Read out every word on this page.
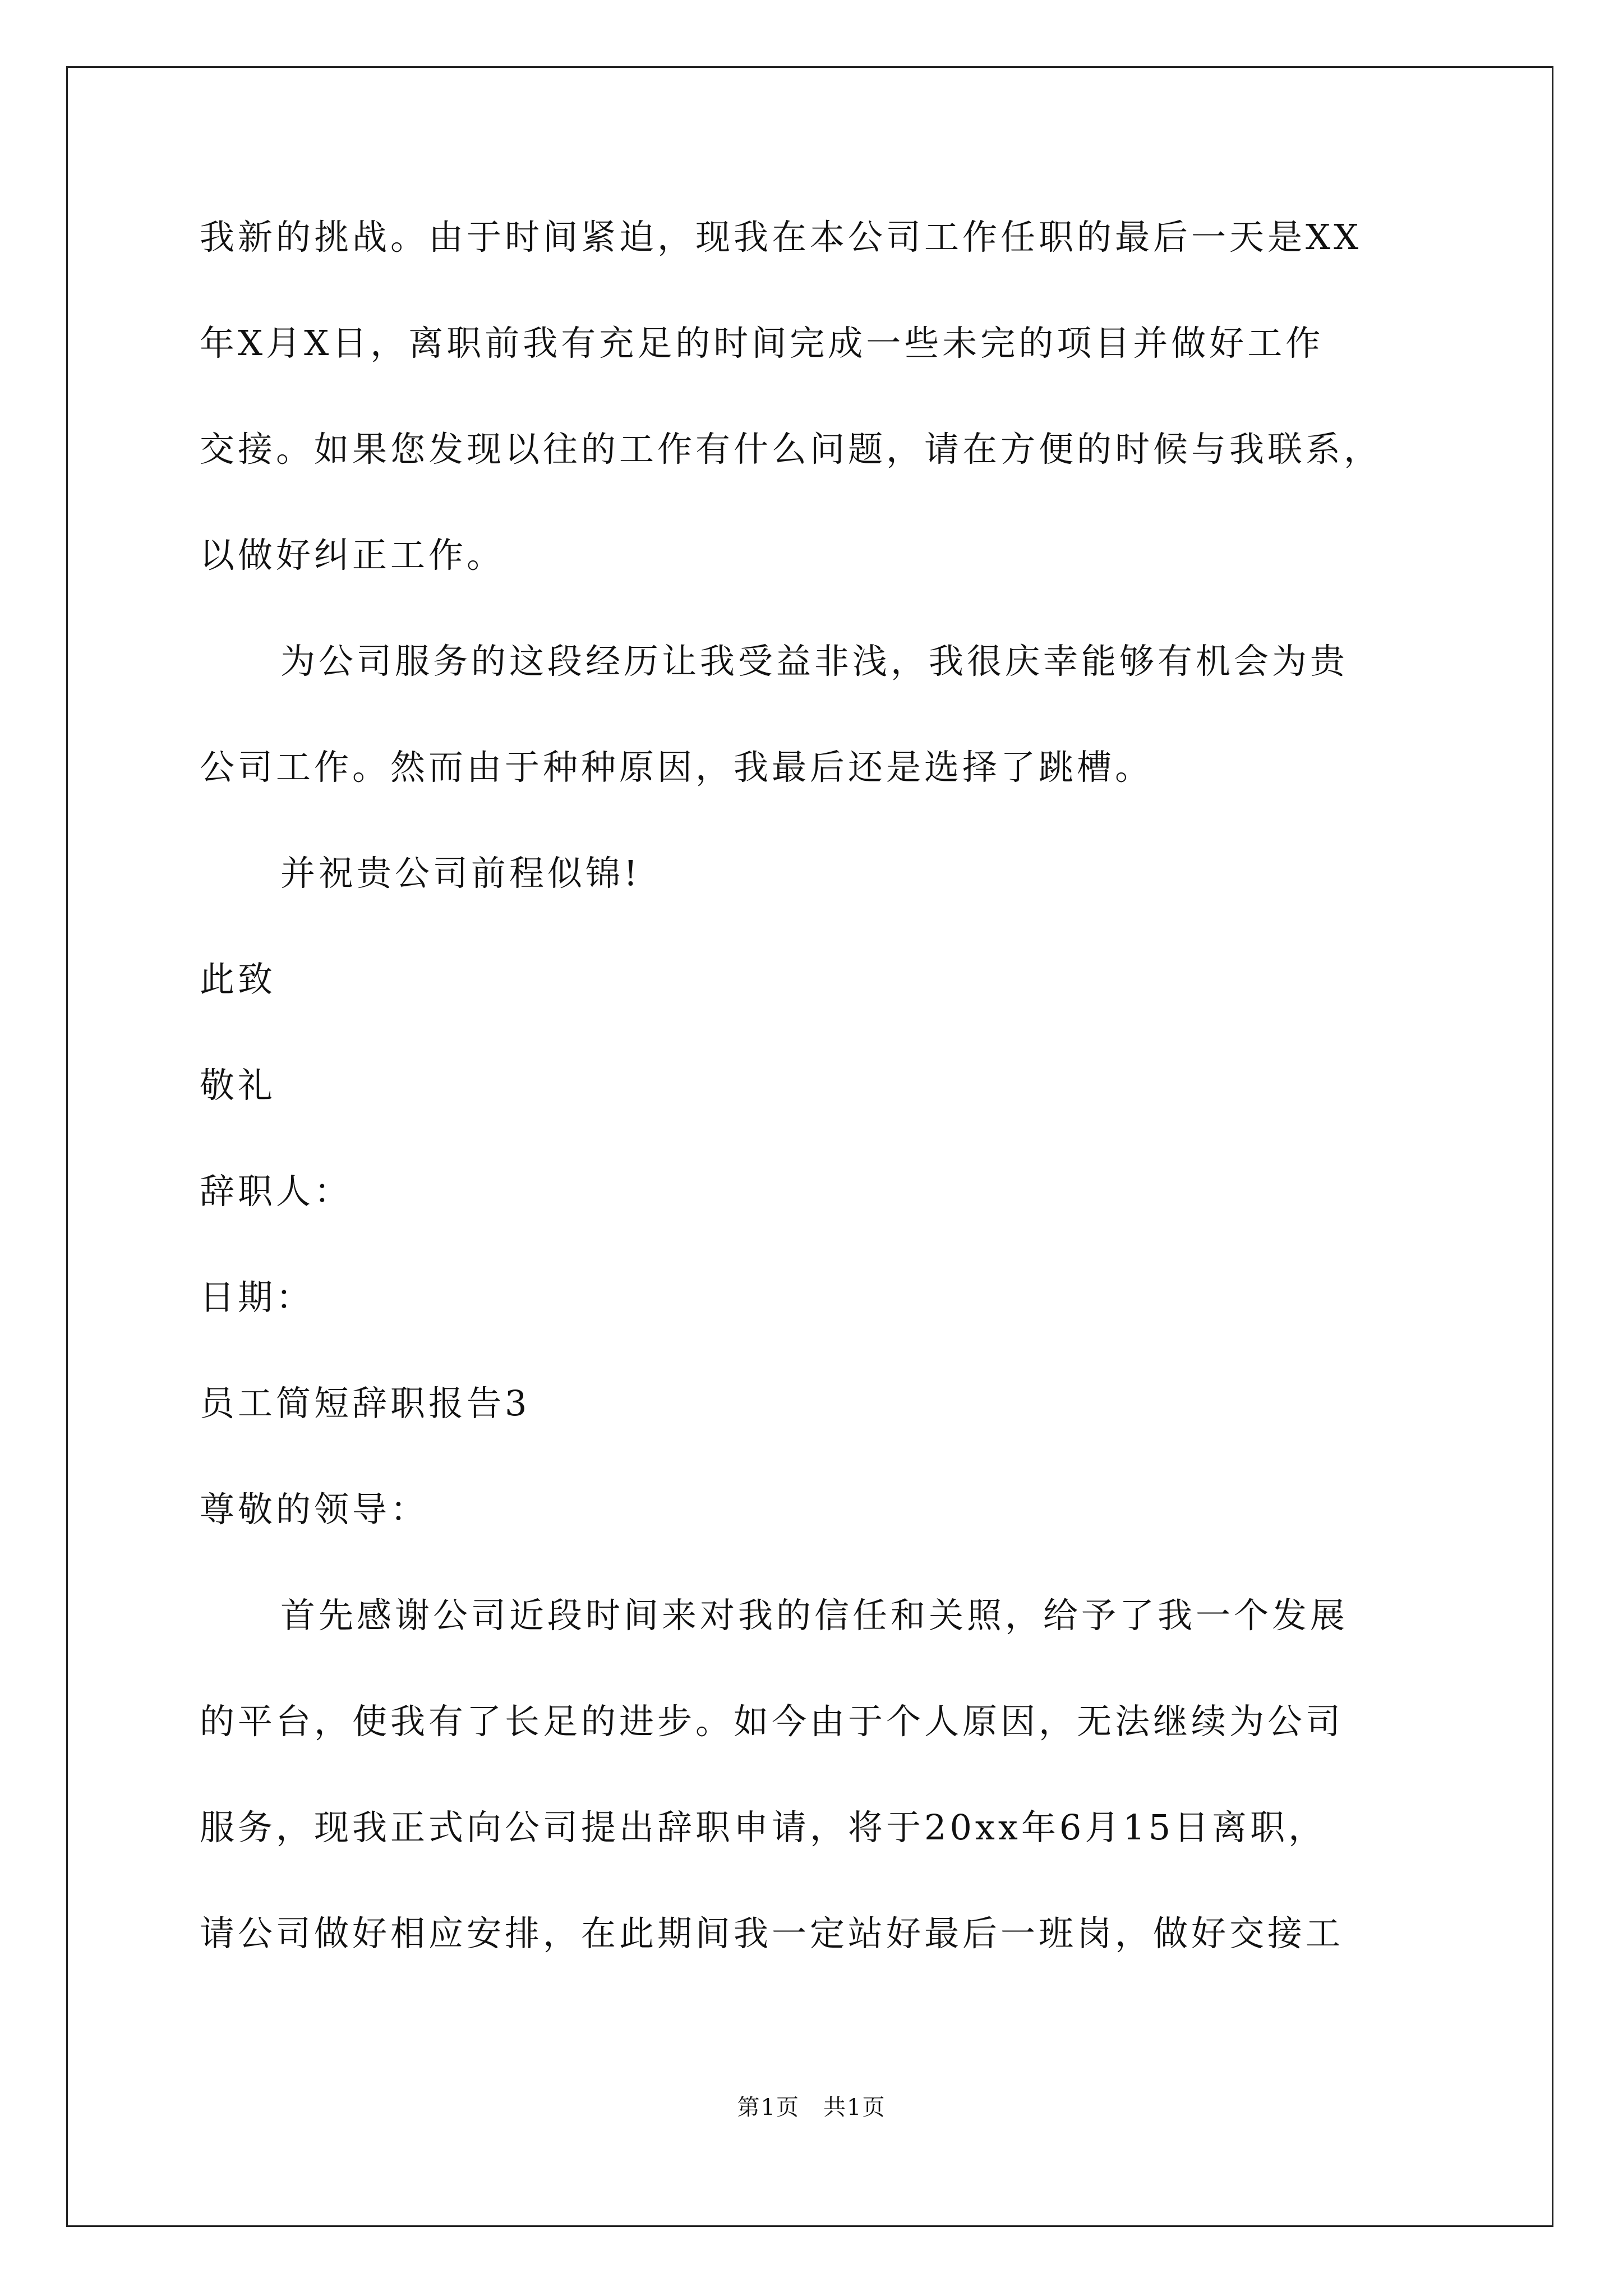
我新的挑战。由于时间紧迫，现我在本公司工作任职的最后一天是XX
年X月X日，离职前我有充足的时间完成一些未完的项目并做好工作
交接。如果您发现以往的工作有什么问题，请在方便的时候与我联系，
以做好纠正工作。
为公司服务的这段经历让我受益非浅，我很庆幸能够有机会为贵
公司工作。然而由于种种原因，我最后还是选择了跳槽。
并祝贵公司前程似锦!
此致
敬礼
辞职人：
日期：
员工简短辞职报告3
尊敬的领导：
首先感谢公司近段时间来对我的信任和关照，给予了我一个发展
的平台，使我有了长足的进步。如今由于个人原因，无法继续为公司
服务，现我正式向公司提出辞职申请，将于20xx年6月15日离职，
请公司做好相应安排，在此期间我一定站好最后一班岗，做好交接工
第1页　共1页
